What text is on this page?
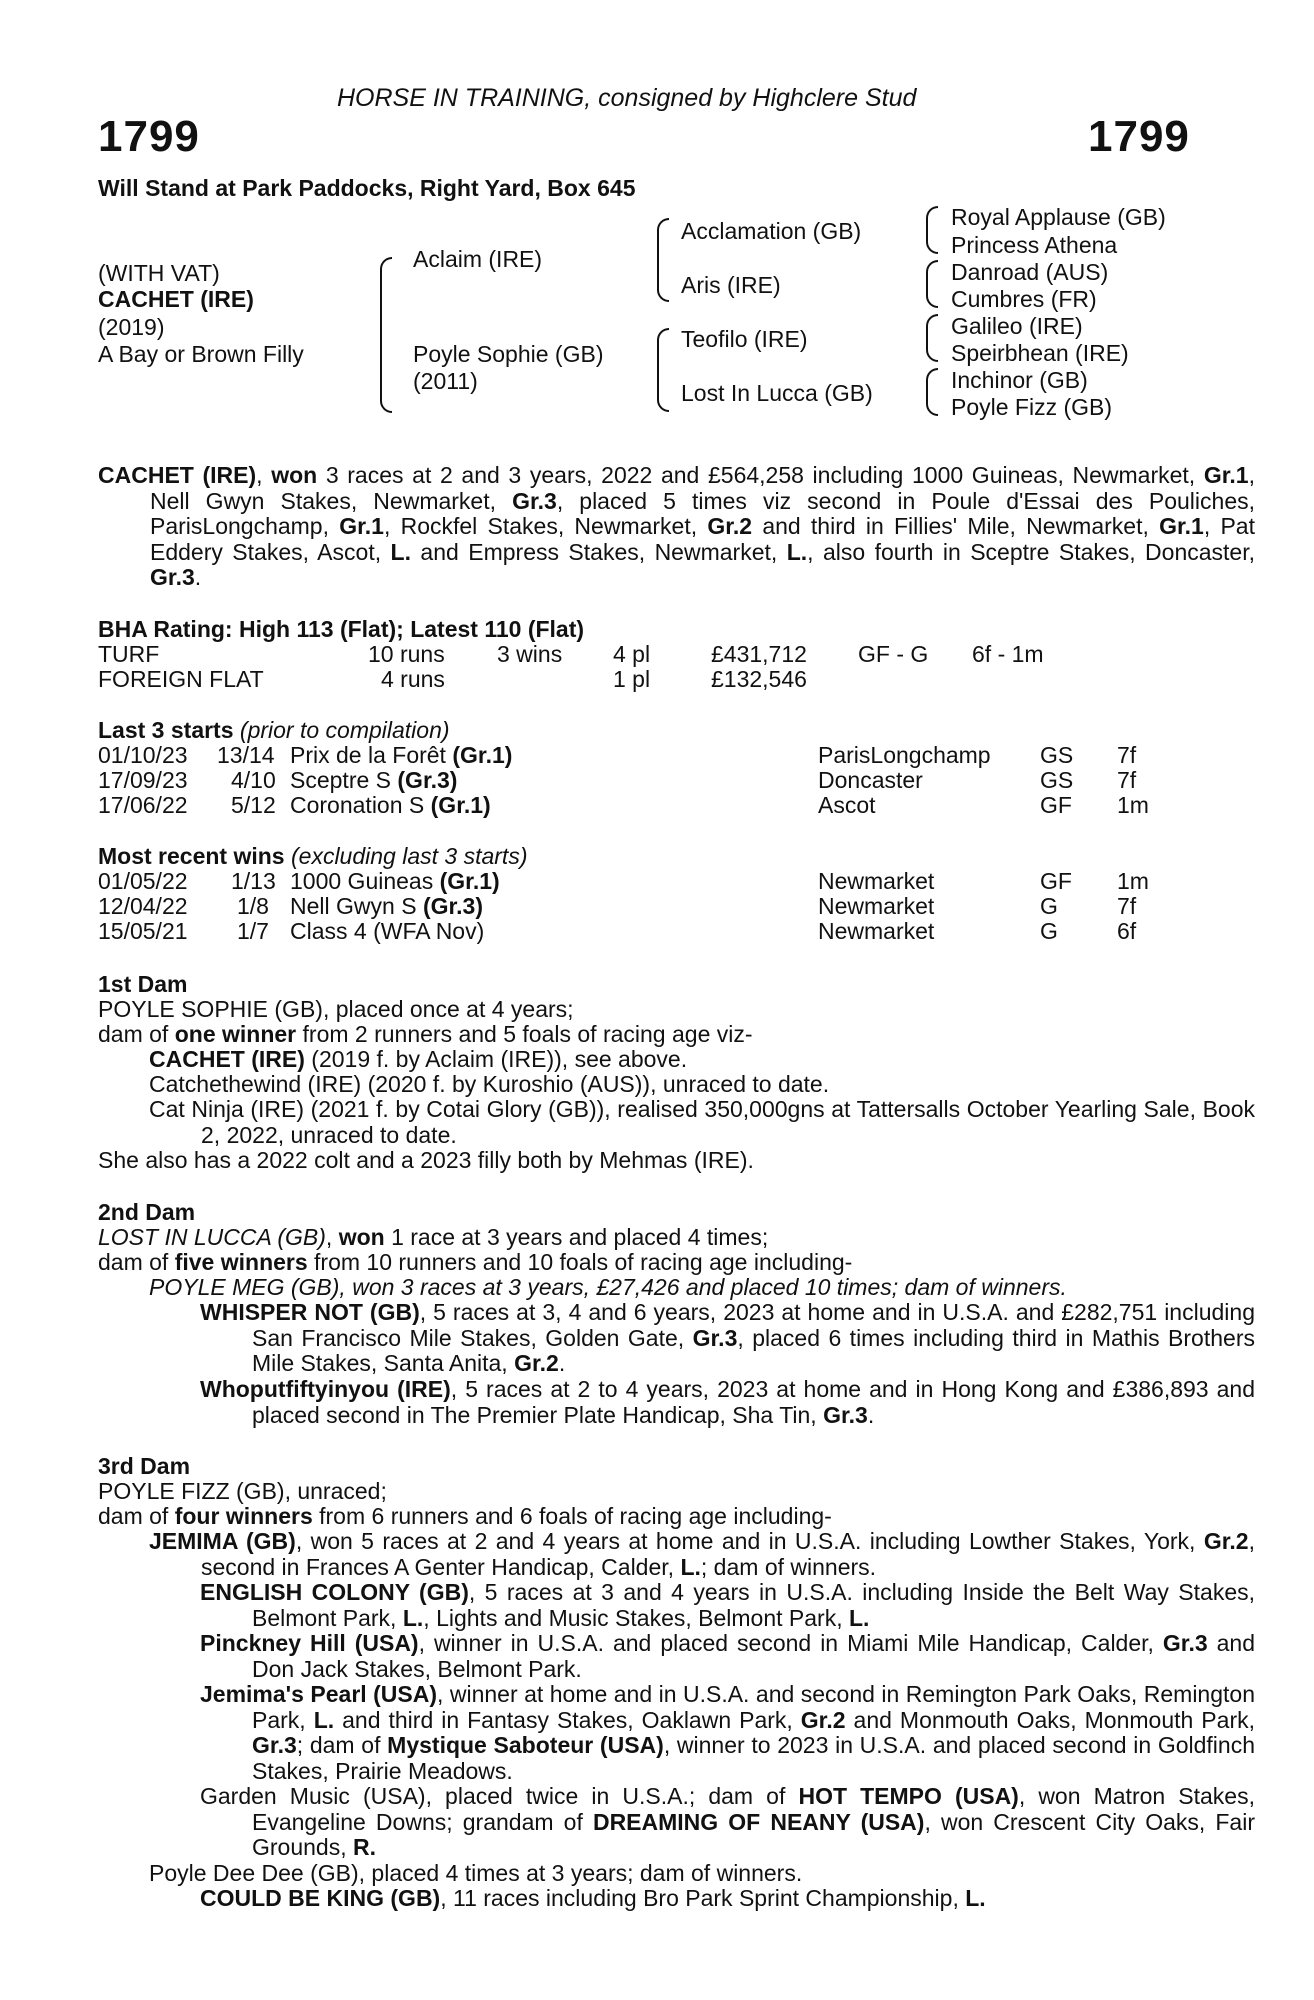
HORSE IN TRAINING, consigned by Highclere Stud
1799	1799
Will Stand at Park Paddocks, Right Yard, Box 645
(WITH VAT)
CACHET (IRE)
(2019)
A Bay or Brown Filly
Aclaim (IRE)
Poyle Sophie (GB)
(2011)
Acclamation (GB)
Aris (IRE)
Teofilo (IRE)
Lost In Lucca (GB)
Royal Applause (GB)
Princess Athena
Danroad (AUS)
Cumbres (FR)
Galileo (IRE)
Speirbhean (IRE)
Inchinor (GB)
Poyle Fizz (GB)
CACHET (IRE), won 3 races at 2 and 3 years, 2022 and £564,258 including 1000 Guineas, Newmarket, Gr.1, Nell Gwyn Stakes, Newmarket, Gr.3, placed 5 times viz second in Poule d'Essai des Pouliches, ParisLongchamp, Gr.1, Rockfel Stakes, Newmarket, Gr.2 and third in Fillies' Mile, Newmarket, Gr.1, Pat Eddery Stakes, Ascot, L. and Empress Stakes, Newmarket, L., also fourth in Sceptre Stakes, Doncaster, Gr.3.
BHA Rating: High 113 (Flat); Latest 110 (Flat)
TURF	10 runs 3 wins 4 pl	£431,712 GF - G 6f - 1m
FOREIGN FLAT	4 runs	1 pl	£132,546
Last 3 starts (prior to compilation)
01/10/23 13/14 Prix de la Forêt (Gr.1)	ParisLongchamp GS 7f
17/09/23 4/10 Sceptre S (Gr.3)	Doncaster	GS 7f
17/06/22 5/12 Coronation S (Gr.1)	Ascot	GF 1m
Most recent wins (excluding last 3 starts)
01/05/22 1/13 1000 Guineas (Gr.1)	Newmarket	GF 1m
12/04/22 1/8 Nell Gwyn S (Gr.3)	Newmarket	G	7f
15/05/21 1/7 Class 4 (WFA Nov)	Newmarket	G	6f
1st Dam
POYLE SOPHIE (GB), placed once at 4 years;
dam of one winner from 2 runners and 5 foals of racing age viz-
CACHET (IRE) (2019 f. by Aclaim (IRE)), see above.
Catchethewind (IRE) (2020 f. by Kuroshio (AUS)), unraced to date.
Cat Ninja (IRE) (2021 f. by Cotai Glory (GB)), realised 350,000gns at Tattersalls October Yearling Sale, Book 2, 2022, unraced to date.
She also has a 2022 colt and a 2023 filly both by Mehmas (IRE).
2nd Dam
LOST IN LUCCA (GB), won 1 race at 3 years and placed 4 times;
dam of five winners from 10 runners and 10 foals of racing age including-
POYLE MEG (GB), won 3 races at 3 years, £27,426 and placed 10 times; dam of winners.
WHISPER NOT (GB), 5 races at 3, 4 and 6 years, 2023 at home and in U.S.A. and £282,751 including San Francisco Mile Stakes, Golden Gate, Gr.3, placed 6 times including third in Mathis Brothers Mile Stakes, Santa Anita, Gr.2.
Whoputfiftyinyou (IRE), 5 races at 2 to 4 years, 2023 at home and in Hong Kong and £386,893 and placed second in The Premier Plate Handicap, Sha Tin, Gr.3.
3rd Dam
POYLE FIZZ (GB), unraced;
dam of four winners from 6 runners and 6 foals of racing age including-
JEMIMA (GB), won 5 races at 2 and 4 years at home and in U.S.A. including Lowther Stakes, York, Gr.2, second in Frances A Genter Handicap, Calder, L.; dam of winners.
ENGLISH COLONY (GB), 5 races at 3 and 4 years in U.S.A. including Inside the Belt Way Stakes, Belmont Park, L., Lights and Music Stakes, Belmont Park, L.
Pinckney Hill (USA), winner in U.S.A. and placed second in Miami Mile Handicap, Calder, Gr.3 and Don Jack Stakes, Belmont Park.
Jemima's Pearl (USA), winner at home and in U.S.A. and second in Remington Park Oaks, Remington Park, L. and third in Fantasy Stakes, Oaklawn Park, Gr.2 and Monmouth Oaks, Monmouth Park, Gr.3; dam of Mystique Saboteur (USA), winner to 2023 in U.S.A. and placed second in Goldfinch Stakes, Prairie Meadows.
Garden Music (USA), placed twice in U.S.A.; dam of HOT TEMPO (USA), won Matron Stakes, Evangeline Downs; grandam of DREAMING OF NEANY (USA), won Crescent City Oaks, Fair Grounds, R.
Poyle Dee Dee (GB), placed 4 times at 3 years; dam of winners.
COULD BE KING (GB), 11 races including Bro Park Sprint Championship, L.
